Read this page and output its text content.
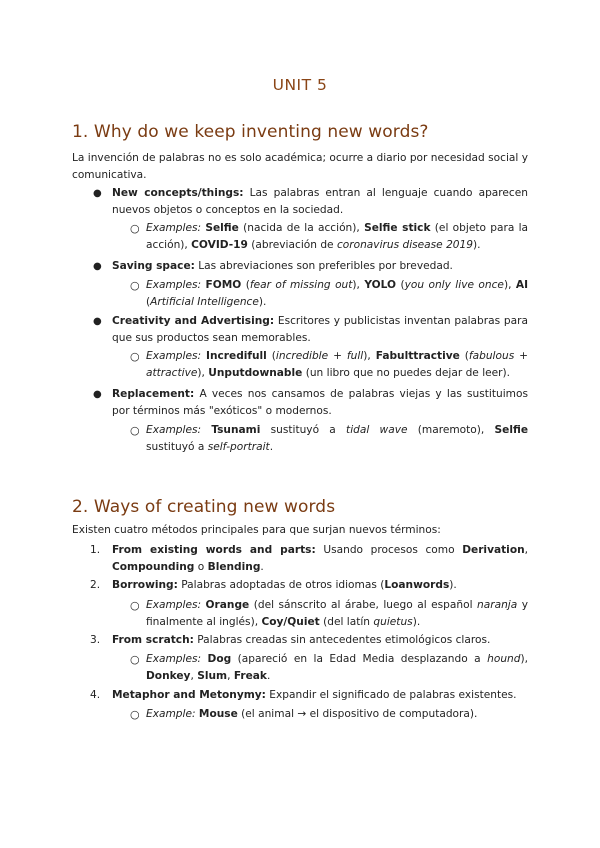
UNIT 5
1. Why do we keep inventing new words?
La invención de palabras no es solo académica; ocurre a diario por necesidad social y comunicativa.
● New concepts/things: Las palabras entran al lenguaje cuando aparecen nuevos objetos o conceptos en la sociedad.
○ Examples: Selfie (nacida de la acción), Selfie stick (el objeto para la acción), COVID-19 (abreviación de coronavirus disease 2019).
● Saving space: Las abreviaciones son preferibles por brevedad.
○ Examples: FOMO (fear of missing out), YOLO (you only live once), AI (Artificial Intelligence).
● Creativity and Advertising: Escritores y publicistas inventan palabras para que sus productos sean memorables.
○ Examples: Incredifull (incredible + full), Fabulttractive (fabulous + attractive), Unputdownable (un libro que no puedes dejar de leer).
● Replacement: A veces nos cansamos de palabras viejas y las sustituimos por términos más "exóticos" o modernos.
○ Examples: Tsunami sustituyó a tidal wave (maremoto), Selfie sustituyó a self-portrait.
2. Ways of creating new words
Existen cuatro métodos principales para que surjan nuevos términos:
1. From existing words and parts: Usando procesos como Derivation, Compounding o Blending.
2. Borrowing: Palabras adoptadas de otros idiomas (Loanwords).
○ Examples: Orange (del sánscrito al árabe, luego al español naranja y finalmente al inglés), Coy/Quiet (del latín quietus).
3. From scratch: Palabras creadas sin antecedentes etimológicos claros.
○ Examples: Dog (apareció en la Edad Media desplazando a hound), Donkey, Slum, Freak.
4. Metaphor and Metonymy: Expandir el significado de palabras existentes.
○ Example: Mouse (el animal → el dispositivo de computadora).
